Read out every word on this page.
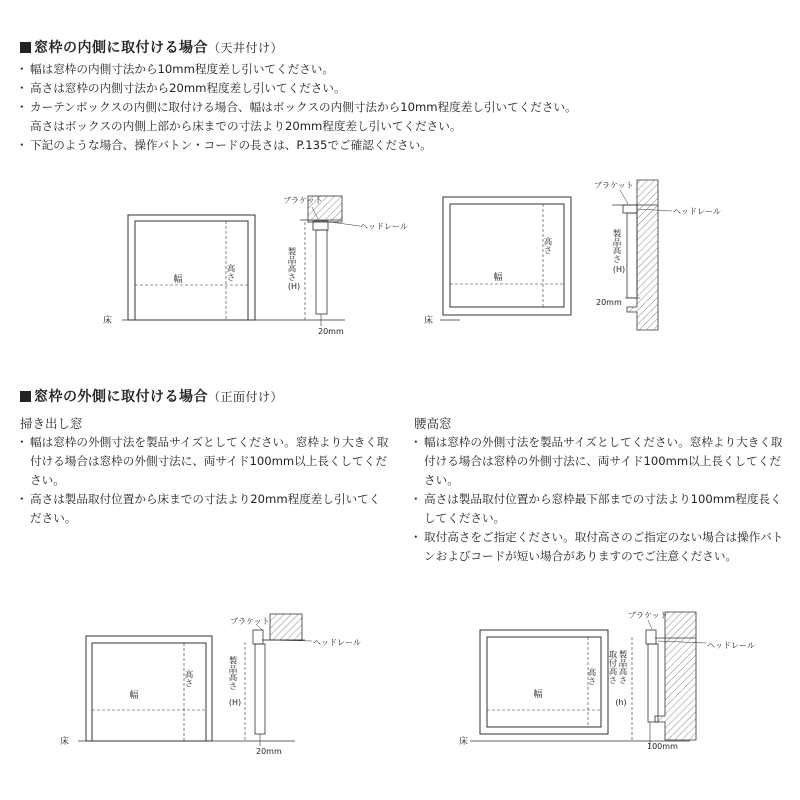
窓枠の内側に取付ける場合（天井付け）
・ 幅は窓枠の内側寸法から10mm程度差し引いてください。
・ 高さは窓枠の内側寸法から20mm程度差し引いてください。
・ カーテンボックスの内側に取付ける場合、幅はボックスの内側寸法から10mm程度差し引いてください。
高さはボックスの内側上部から床までの寸法より20mm程度差し引いてください。
・ 下記のような場合、操作バトン・コードの長さは、P.135でご確認ください。
窓枠の外側に取付ける場合（正面付け）
掃き出し窓
・ 幅は窓枠の外側寸法を製品サイズとしてください。窓枠より大きく取付ける場合は窓枠の外側寸法に、両サイド100mm以上長くしてください。
・ 高さは製品取付位置から床までの寸法より20mm程度差し引いてください。
腰高窓
・ 幅は窓枠の外側寸法を製品サイズとしてください。窓枠より大きく取付ける場合は窓枠の外側寸法に、両サイド100mm以上長くしてください。
・ 高さは製品取付位置から窓枠最下部までの寸法より100mm程度長くしてください。
・ 取付高さをご指定ください。取付高さのご指定のない場合は操作バトンおよびコードが短い場合がありますのでご注意ください。
床
幅	高さ
ブラケット
ヘッドレール
製品高さ
(H)
20mm
床
幅
高さ
ブラケット
ヘッドレール
製品高さ
(H)
20mm
床
幅
高さ
ブラケット
ヘッドレール
製品高さ
(H)
20mm
床
幅
高さ
ブラケット
ヘッドレール
取付高さ 製品高さ
(h)
100mm
